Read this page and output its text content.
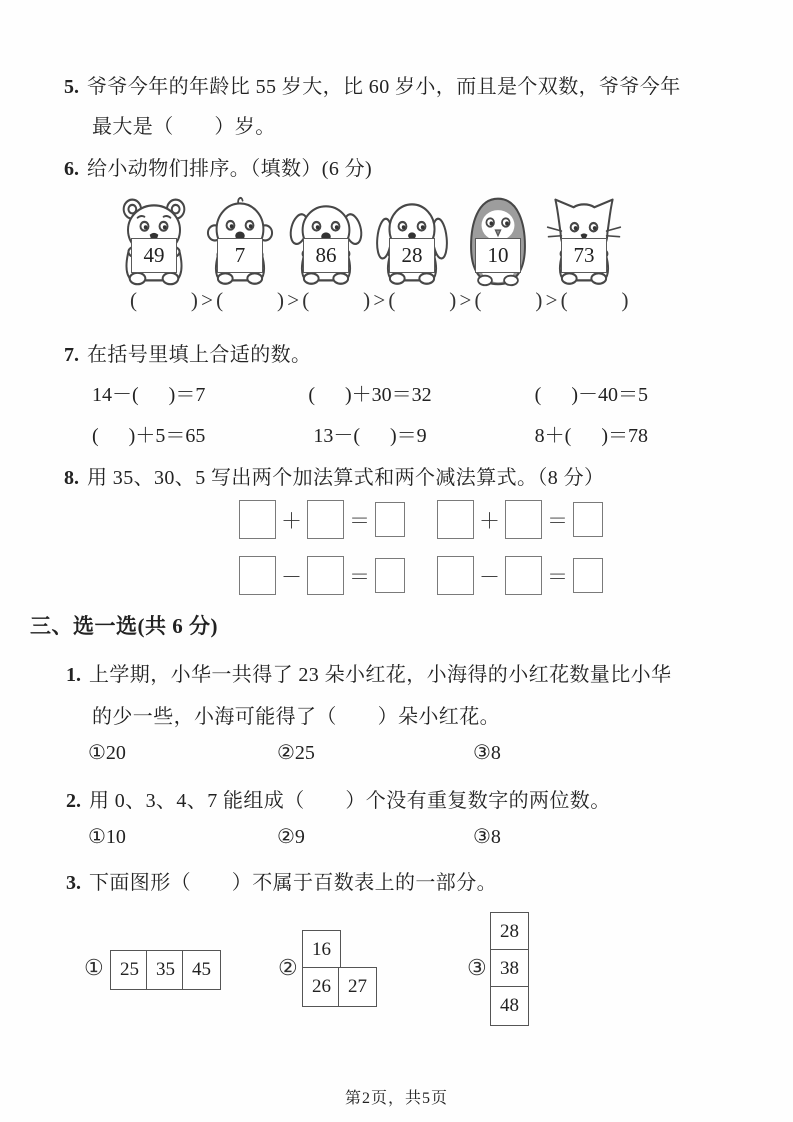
5. 爷爷今年的年龄比 55 岁大，比 60 岁小，而且是个双数，爷爷今年
最大是（　　）岁。
6. 给小动物们排序。（填数）(6 分)
49	7	86	28	10	73
(      )>(      )>(      )>(      )>(      )>(      )
7. 在括号里填上合适的数。
14－(      )＝7	(      )＋30＝32	(      )－40＝5
(      )＋5＝65	13－(      )＝9	8＋(      )＝78
8. 用 35、30、5 写出两个加法算式和两个减法算式。（8 分）
＋ ＝	＋ ＝
－ ＝	－ ＝
三、选一选(共 6 分)
1. 上学期，小华一共得了 23 朵小红花，小海得的小红花数量比小华
的少一些，小海可能得了（　　）朵小红花。
①20	②25	③8
2. 用 0、3、4、7 能组成（　　）个没有重复数字的两位数。
①10	②9	③8
3. 下面图形（　　）不属于百数表上的一部分。
① 25 35 45	②
16
26 27
③
28
38
48
第2页，共5页
